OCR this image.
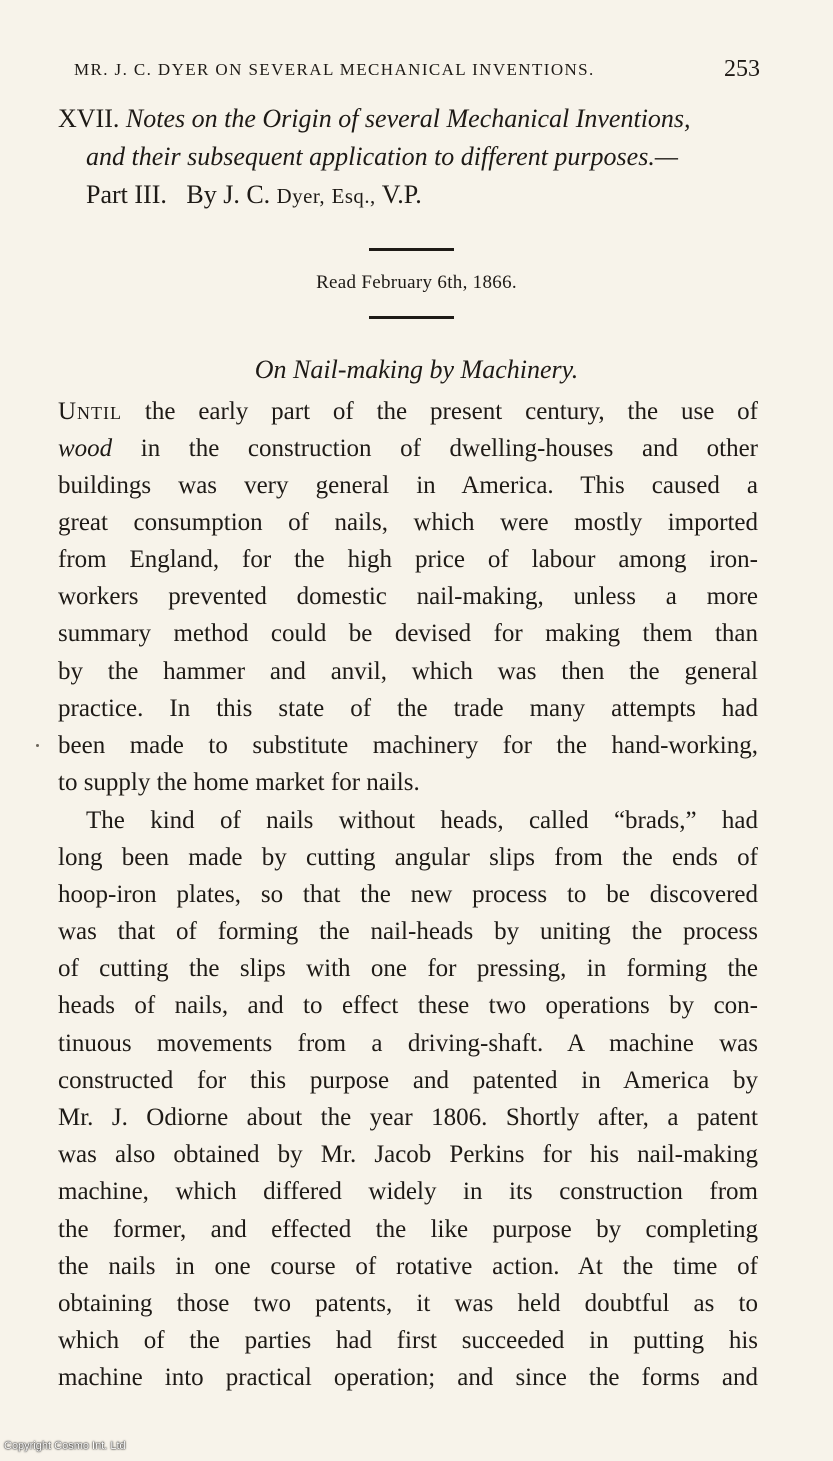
MR. J. C. DYER ON SEVERAL MECHANICAL INVENTIONS.	253
XVII. Notes on the Origin of several Mechanical Inventions,
and their subsequent application to different purposes.—
Part III. By J. C. Dyer, Esq., V.P.
Read February 6th, 1866.
On Nail-making by Machinery.
Until the early part of the present century, the use of
wood in the construction of dwelling-houses and other
buildings was very general in America. This caused a
great consumption of nails, which were mostly imported
from England, for the high price of labour among iron-
workers prevented domestic nail-making, unless a more
summary method could be devised for making them than
by the hammer and anvil, which was then the general
practice. In this state of the trade many attempts had
been made to substitute machinery for the hand-working,
to supply the home market for nails.
The kind of nails without heads, called “brads,” had
long been made by cutting angular slips from the ends of
hoop-iron plates, so that the new process to be discovered
was that of forming the nail-heads by uniting the process
of cutting the slips with one for pressing, in forming the
heads of nails, and to effect these two operations by con-
tinuous movements from a driving-shaft. A machine was
constructed for this purpose and patented in America by
Mr. J. Odiorne about the year 1806. Shortly after, a patent
was also obtained by Mr. Jacob Perkins for his nail-making
machine, which differed widely in its construction from
the former, and effected the like purpose by completing
the nails in one course of rotative action. At the time of
obtaining those two patents, it was held doubtful as to
which of the parties had first succeeded in putting his
machine into practical operation; and since the forms and
Copyright Cosmo Int. Ltd
